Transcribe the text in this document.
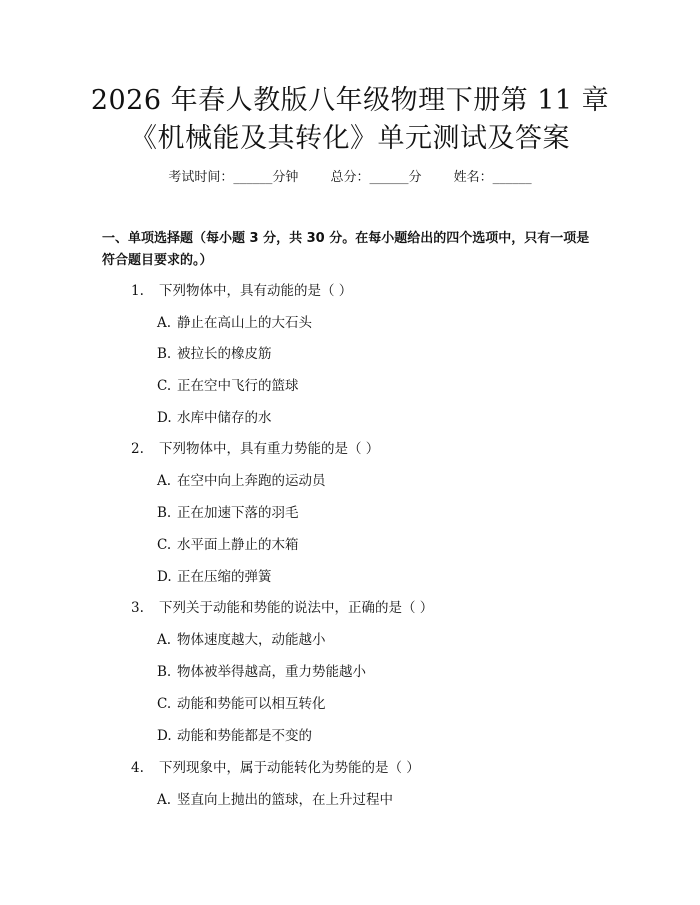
2026 年春人教版八年级物理下册第 11 章
《机械能及其转化》单元测试及答案
考试时间：______分钟 总分：______分 姓名：______
一、单项选择题（每小题 3 分，共 30 分。在每小题给出的四个选项中，只有一项是符合题目要求的。）
1. 下列物体中，具有动能的是（ ）
A. 静止在高山上的大石头
B. 被拉长的橡皮筋
C. 正在空中飞行的篮球
D. 水库中储存的水
2. 下列物体中，具有重力势能的是（ ）
A. 在空中向上奔跑的运动员
B. 正在加速下落的羽毛
C. 水平面上静止的木箱
D. 正在压缩的弹簧
3. 下列关于动能和势能的说法中，正确的是（ ）
A. 物体速度越大，动能越小
B. 物体被举得越高，重力势能越小
C. 动能和势能可以相互转化
D. 动能和势能都是不变的
4. 下列现象中，属于动能转化为势能的是（ ）
A. 竖直向上抛出的篮球，在上升过程中
